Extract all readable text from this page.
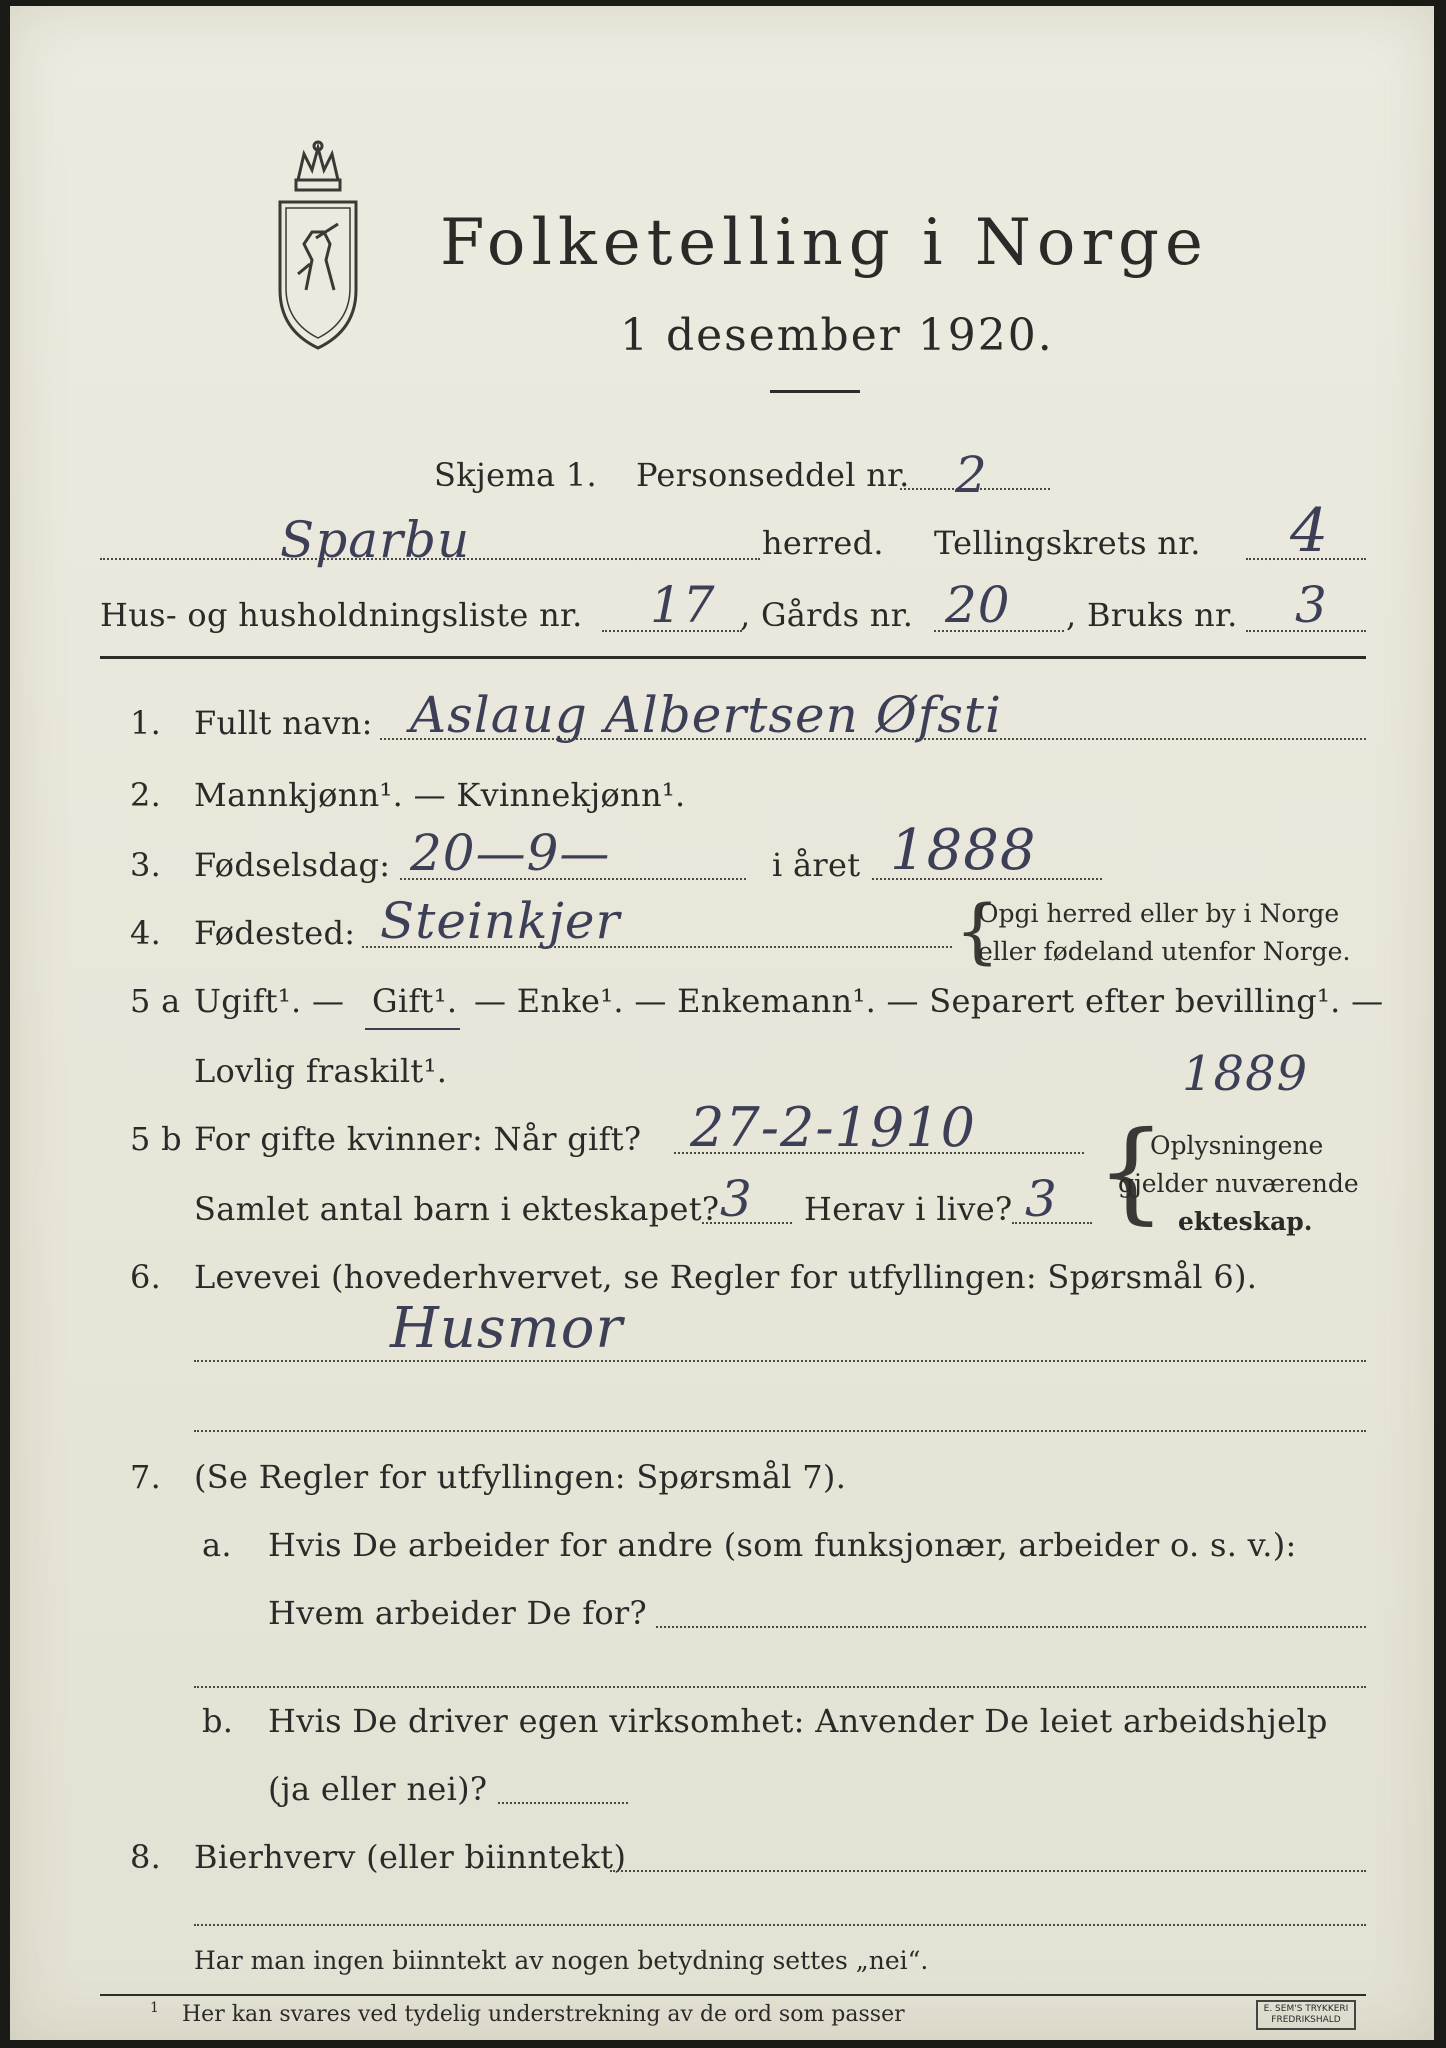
Folketelling i Norge
1 desember 1920.
Skjema 1. Personseddel nr. 2
Sparbu	herred. Tellingskrets nr. 4
Hus- og husholdningsliste nr. 17 , Gårds nr. 20 , Bruks nr. 3
1. Fullt navn: Aslaug Albertsen Øfsti
2. Mannkjønn¹. — Kvinnekjønn¹.
3. Fødselsdag: 20—9—	i året 1888
4. Fødested: Steinkjer	{
Opgi herred eller by i Norge
eller fødeland utenfor Norge.
5 a Ugift¹. — Gift¹. — Enke¹. — Enkemann¹. — Separert efter bevilling¹. —
Lovlig fraskilt¹.
5 b For gifte kvinner: Når gift? 27-2-1910
1889
Samlet antal barn i ekteskapet? 3 Herav i live? 3 {
Oplysningene
gjelder nuværende
ekteskap.
6. Levevei (hovederhvervet, se Regler for utfyllingen: Spørsmål 6).
Husmor
7. (Se Regler for utfyllingen: Spørsmål 7).
a. Hvis De arbeider for andre (som funksjonær, arbeider o. s. v.):
Hvem arbeider De for?
b. Hvis De driver egen virksomhet: Anvender De leiet arbeidshjelp
(ja eller nei)?
8. Bierhverv (eller biinntekt)
Har man ingen biinntekt av nogen betydning settes „nei“.
1 Her kan svares ved tydelig understrekning av de ord som passer	E. SEM'S TRYKKERI FREDRIKSHALD
